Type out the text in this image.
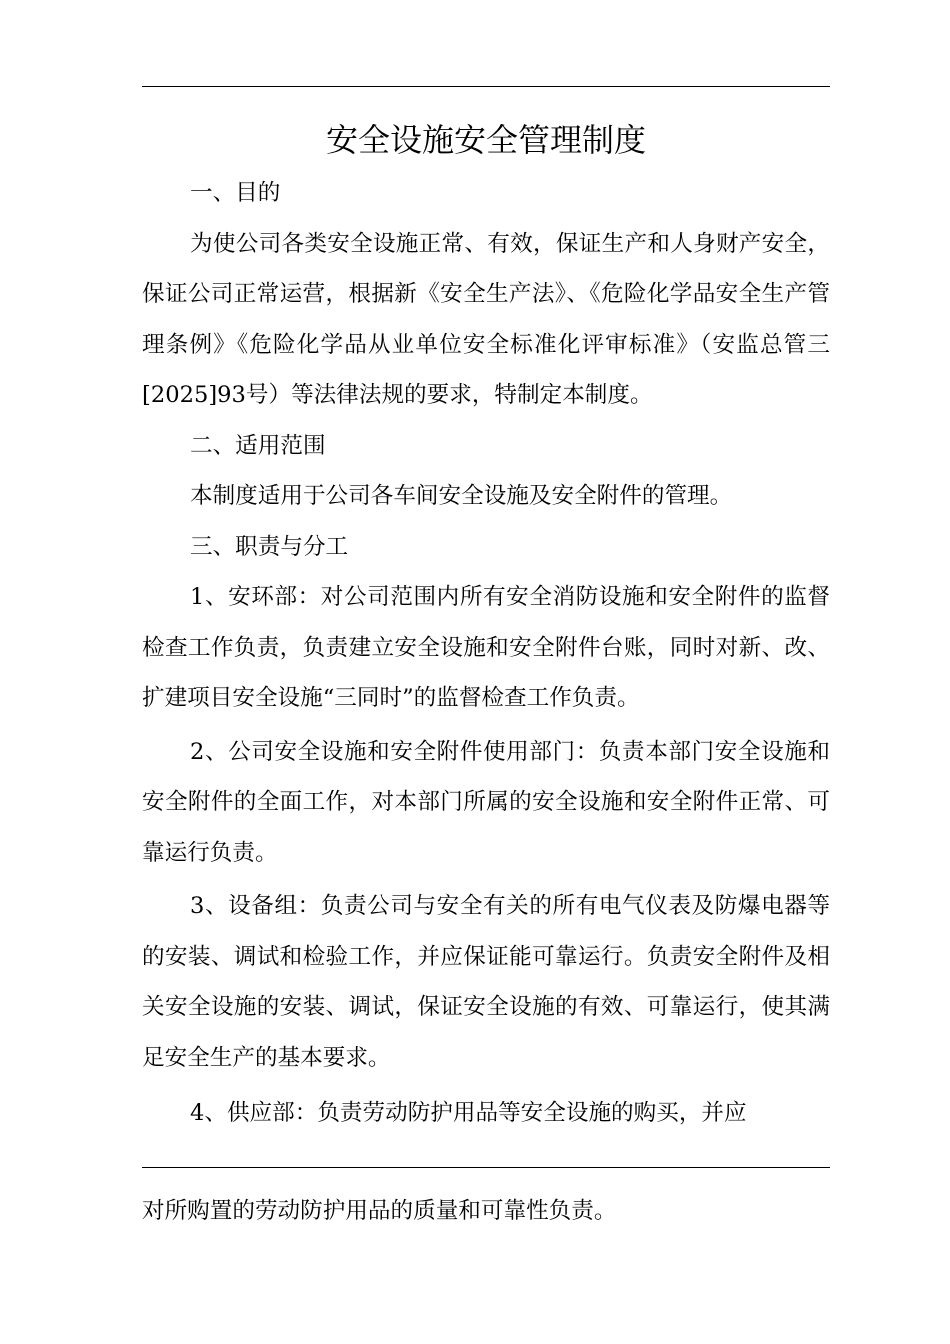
安全设施安全管理制度

一、目的

为使公司各类安全设施正常、有效，保证生产和人身财产安全，保证公司正常运营，根据新《安全生产法》、《危险化学品安全生产管理条例》《危险化学品从业单位安全标准化评审标准》（安监总管三[2025]93号）等法律法规的要求，特制定本制度。

二、适用范围

本制度适用于公司各车间安全设施及安全附件的管理。

三、职责与分工

1、安环部：对公司范围内所有安全消防设施和安全附件的监督检查工作负责，负责建立安全设施和安全附件台账，同时对新、改、扩建项目安全设施“三同时”的监督检查工作负责。

2、公司安全设施和安全附件使用部门：负责本部门安全设施和安全附件的全面工作，对本部门所属的安全设施和安全附件正常、可靠运行负责。

3、设备组：负责公司与安全有关的所有电气仪表及防爆电器等的安装、调试和检验工作，并应保证能可靠运行。负责安全附件及相关安全设施的安装、调试，保证安全设施的有效、可靠运行，使其满足安全生产的基本要求。

4、供应部：负责劳动防护用品等安全设施的购买，并应

对所购置的劳动防护用品的质量和可靠性负责。
